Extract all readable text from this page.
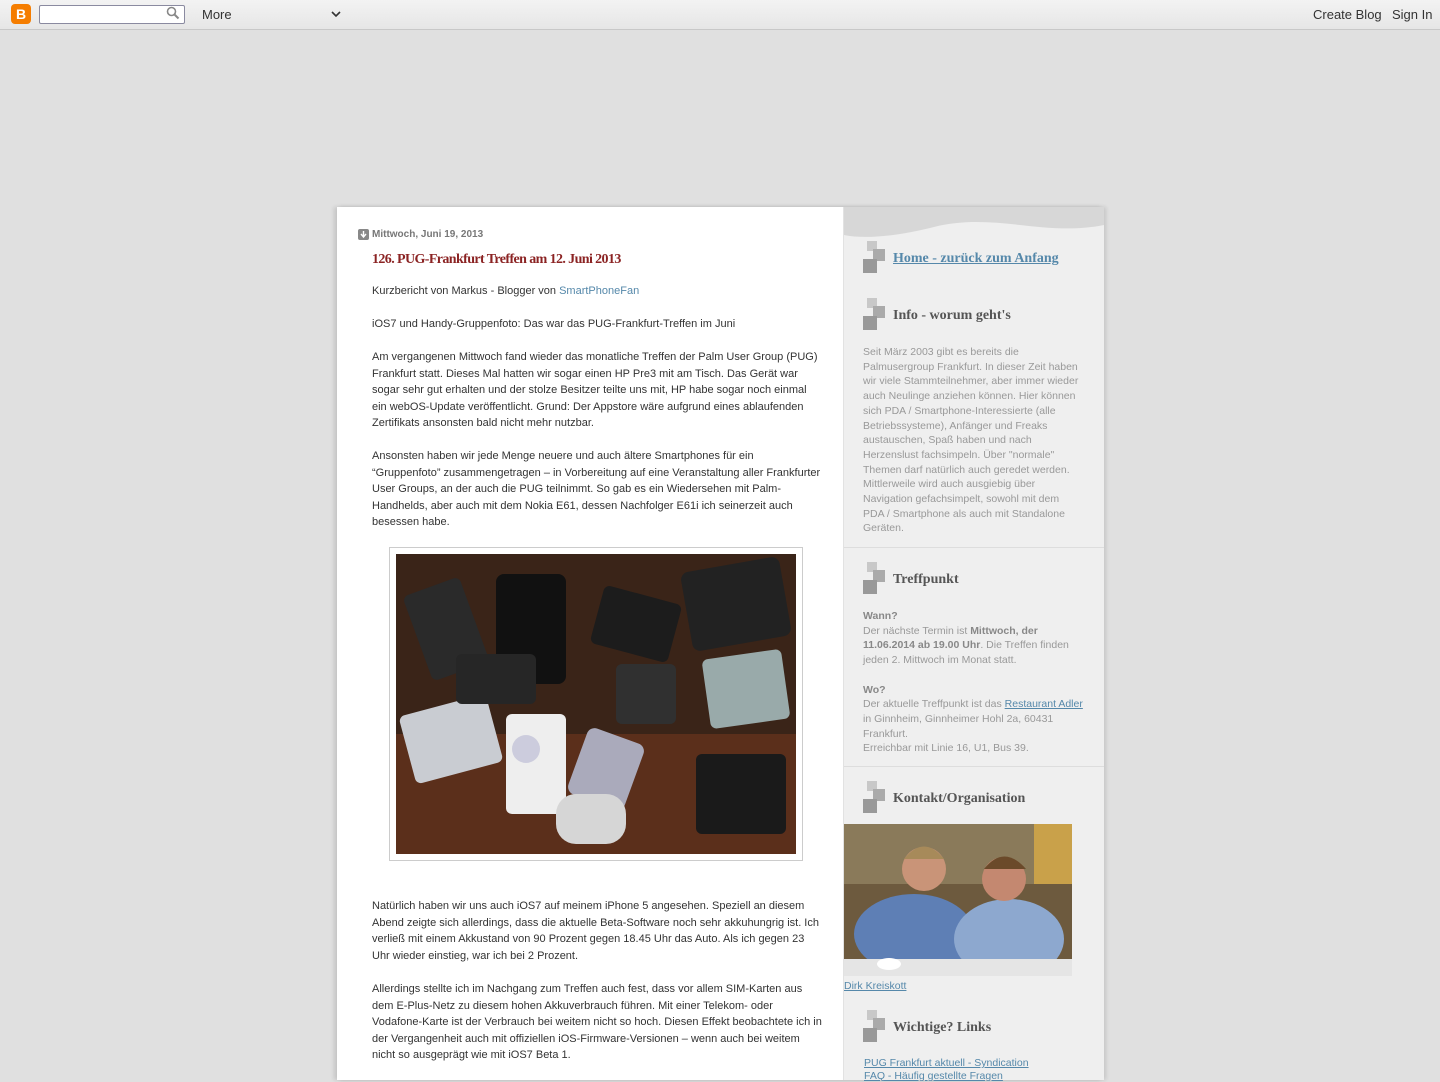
B	More	Create Blog Sign In
Mittwoch, Juni 19, 2013
126. PUG-Frankfurt Treffen am 12. Juni 2013
Kurzbericht von Markus - Blogger von SmartPhoneFan
iOS7 und Handy-Gruppenfoto: Das war das PUG-Frankfurt-Treffen im Juni
Am vergangenen Mittwoch fand wieder das monatliche Treffen der Palm User Group (PUG) Frankfurt statt. Dieses Mal hatten wir sogar einen HP Pre3 mit am Tisch. Das Gerät war sogar sehr gut erhalten und der stolze Besitzer teilte uns mit, HP habe sogar noch einmal ein webOS-Update veröffentlicht. Grund: Der Appstore wäre aufgrund eines ablaufenden Zertifikats ansonsten bald nicht mehr nutzbar.
Ansonsten haben wir jede Menge neuere und auch ältere Smartphones für ein “Gruppenfoto” zusammengetragen – in Vorbereitung auf eine Veranstaltung aller Frankfurter User Groups, an der auch die PUG teilnimmt. So gab es ein Wiedersehen mit Palm-Handhelds, aber auch mit dem Nokia E61, dessen Nachfolger E61i ich seinerzeit auch besessen habe.
Natürlich haben wir uns auch iOS7 auf meinem iPhone 5 angesehen. Speziell an diesem Abend zeigte sich allerdings, dass die aktuelle Beta-Software noch sehr akkuhungrig ist. Ich verließ mit einem Akkustand von 90 Prozent gegen 18.45 Uhr das Auto. Als ich gegen 23 Uhr wieder einstieg, war ich bei 2 Prozent.
Allerdings stellte ich im Nachgang zum Treffen auch fest, dass vor allem SIM-Karten aus dem E-Plus-Netz zu diesem hohen Akkuverbrauch führen. Mit einer Telekom- oder Vodafone-Karte ist der Verbrauch bei weitem nicht so hoch. Diesen Effekt beobachtete ich in der Vergangenheit auch mit offiziellen iOS-Firmware-Versionen – wenn auch bei weitem nicht so ausgeprägt wie mit iOS7 Beta 1.
Home - zurück zum Anfang
Info - worum geht's
Seit März 2003 gibt es bereits die Palmusergroup Frankfurt. In dieser Zeit haben wir viele Stammteilnehmer, aber immer wieder auch Neulinge anziehen können. Hier können sich PDA / Smartphone-Interessierte (alle Betriebssysteme), Anfänger und Freaks austauschen, Spaß haben und nach Herzenslust fachsimpeln. Über "normale" Themen darf natürlich auch geredet werden. Mittlerweile wird auch ausgiebig über Navigation gefachsimpelt, sowohl mit dem PDA / Smartphone als auch mit Standalone Geräten.
Treffpunkt
Wann?
Der nächste Termin ist Mittwoch, der 11.06.2014 ab 19.00 Uhr. Die Treffen finden jeden 2. Mittwoch im Monat statt.

Wo?
Der aktuelle Treffpunkt ist das Restaurant Adler in Ginnheim, Ginnheimer Hohl 2a, 60431 Frankfurt.
Erreichbar mit Linie 16, U1, Bus 39.
Kontakt/Organisation
Dirk Kreiskott
Wichtige? Links
PUG Frankfurt aktuell - Syndication
FAQ - Häufig gestellte Fragen
